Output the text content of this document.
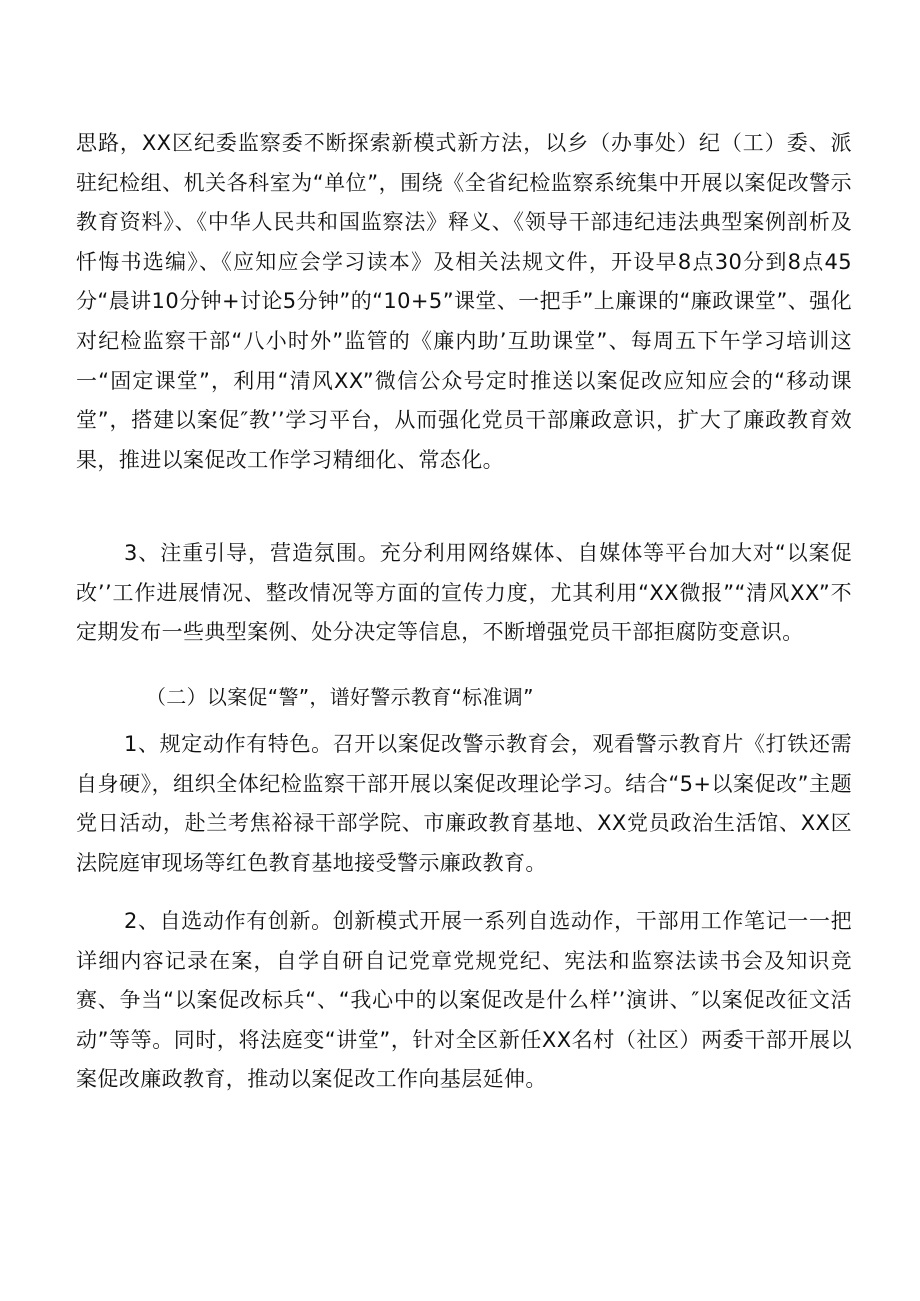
思路，XX区纪委监察委不断探索新模式新方法，以乡（办事处）纪（工）委、派驻纪检组、机关各科室为“单位”，围绕《全省纪检监察系统集中开展以案促改警示教育资料》、《中华人民共和国监察法》释义、《领导干部违纪违法典型案例剖析及忏悔书选编》、《应知应会学习读本》及相关法规文件，开设早8点30分到8点45分“晨讲10分钟+讨论5分钟”的“10+5”课堂、一把手”上廉课的“廉政课堂”、强化对纪检监察干部“八小时外”监管的《廉内助’互助课堂”、每周五下午学习培训这一“固定课堂”，利用“清风XX”微信公众号定时推送以案促改应知应会的“移动课堂”，搭建以案促″教’’学习平台，从而强化党员干部廉政意识，扩大了廉政教育效果，推进以案促改工作学习精细化、常态化。

3、注重引导，营造氛围。充分利用网络媒体、自媒体等平台加大对“以案促改’’工作进展情况、整改情况等方面的宣传力度，尤其利用“XX微报”“清风XX”不定期发布一些典型案例、处分决定等信息，不断增强党员干部拒腐防变意识。

（二）以案促“警”，谱好警示教育“标准调”

1、规定动作有特色。召开以案促改警示教育会，观看警示教育片《打铁还需自身硬》，组织全体纪检监察干部开展以案促改理论学习。结合“5+以案促改”主题党日活动，赴兰考焦裕禄干部学院、市廉政教育基地、XX党员政治生活馆、XX区法院庭审现场等红色教育基地接受警示廉政教育。

2、自选动作有创新。创新模式开展一系列自选动作，干部用工作笔记一一把详细内容记录在案，自学自研自记党章党规党纪、宪法和监察法读书会及知识竞赛、争当“以案促改标兵“、“我心中的以案促改是什么样’’演讲、″以案促改征文活动”等等。同时，将法庭变“讲堂”，针对全区新任XX名村（社区）两委干部开展以案促改廉政教育，推动以案促改工作向基层延伸。
